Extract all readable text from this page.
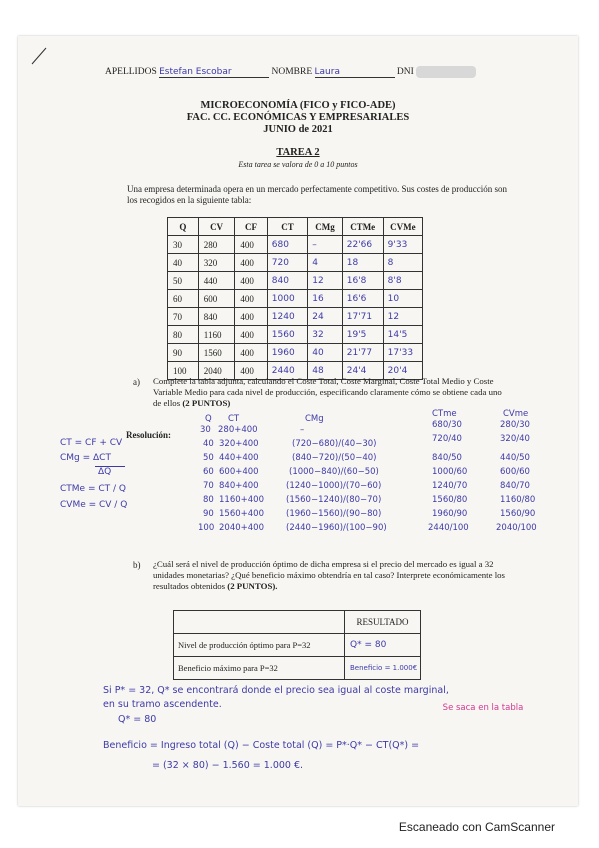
APELLIDOS Estefan Escobar	NOMBRE Laura	DNI
MICROECONOMÍA (FICO y FICO-ADE)
FAC. CC. ECONÓMICAS Y EMPRESARIALES
JUNIO de 2021
TAREA 2
Esta tarea se valora de 0 a 10 puntos
Una empresa determinada opera en un mercado perfectamente competitivo. Sus costes de producción son los recogidos en la siguiente tabla:
Q	CV	CF	CT	CMg	CTMe	CVMe
30	280	400	680	–	22'66	9'33
40	320	400	720	4	18	8
50	440	400	840	12	16'8	8'8
60	600	400	1000	16	16'6	10
70	840	400	1240	24	17'71	12
80	1160	400	1560	32	19'5	14'5
90	1560	400	1960	40	21'77	17'33
100	2040	400	2440	48	24'4	20'4
a) Complete la tabla adjunta, calculando el Coste Total, Coste Marginal, Coste Total Medio y Coste Variable Medio para cada nivel de producción, especificando claramente cómo se obtiene cada uno de ellos (2 PUNTOS)
Resolución:
CT = CF + CV
CMg = ΔCT
ΔQ
CTMe = CT / Q
CVMe = CV / Q
Q CT	CMg	CTme	CVme
30 280+400	–	680/30	280/30
40 320+400	(720−680)/(40−30)	720/40	320/40
50 440+400	(840−720)/(50−40)	840/50	440/50
60 600+400	(1000−840)/(60−50)	1000/60	600/60
70 840+400	(1240−1000)/(70−60)	1240/70	840/70
80 1160+400	(1560−1240)/(80−70)	1560/80	1160/80
90 1560+400	(1960−1560)/(90−80)	1960/90	1560/90
100 2040+400	(2440−1960)/(100−90)	2440/100	2040/100
b) ¿Cuál será el nivel de producción óptimo de dicha empresa si el precio del mercado es igual a 32 unidades monetarias? ¿Qué beneficio máximo obtendría en tal caso? Interprete económicamente los resultados obtenidos (2 PUNTOS).
	RESULTADO
Nivel de producción óptimo para P=32	Q* = 80
Beneficio máximo para P=32	Beneficio = 1.000€
Si P* = 32, Q* se encontrará donde el precio sea igual al coste marginal,
en su tramo ascendente.
Q* = 80
Se saca en la tabla
Beneficio = Ingreso total (Q) − Coste total (Q) = P*·Q* − CT(Q*) =
= (32 × 80) − 1.560 = 1.000 €.
Escaneado con CamScanner
